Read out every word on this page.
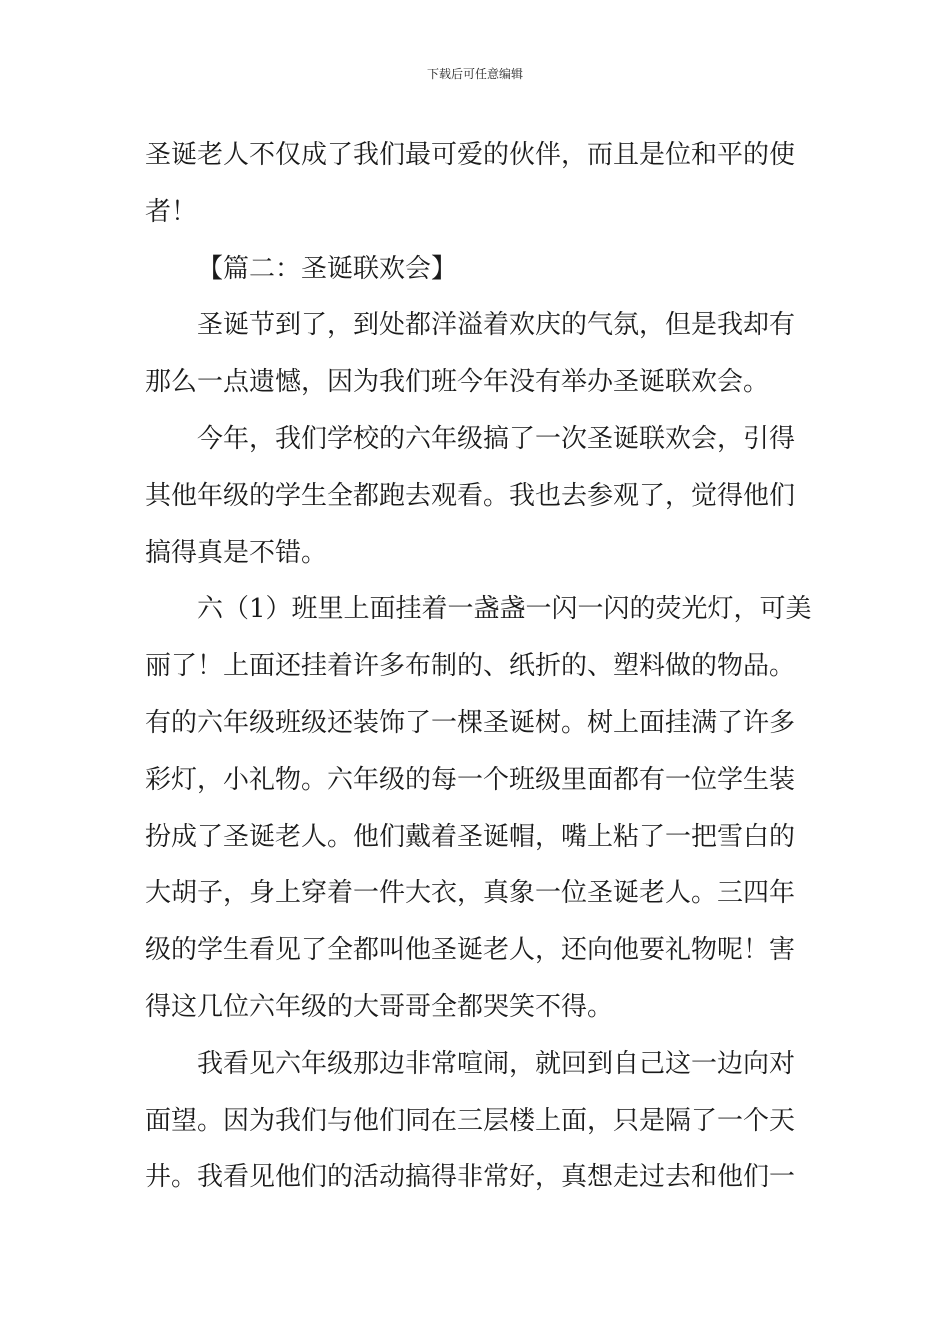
下载后可任意编辑
圣诞老人不仅成了我们最可爱的伙伴，而且是位和平的使
者！
【篇二：圣诞联欢会】
圣诞节到了，到处都洋溢着欢庆的气氛，但是我却有
那么一点遗憾，因为我们班今年没有举办圣诞联欢会。
今年，我们学校的六年级搞了一次圣诞联欢会，引得
其他年级的学生全都跑去观看。我也去参观了，觉得他们
搞得真是不错。
六（1）班里上面挂着一盏盏一闪一闪的荧光灯，可美
丽了！上面还挂着许多布制的、纸折的、塑料做的物品。
有的六年级班级还装饰了一棵圣诞树。树上面挂满了许多
彩灯，小礼物。六年级的每一个班级里面都有一位学生装
扮成了圣诞老人。他们戴着圣诞帽，嘴上粘了一把雪白的
大胡子，身上穿着一件大衣，真象一位圣诞老人。三四年
级的学生看见了全都叫他圣诞老人，还向他要礼物呢！害
得这几位六年级的大哥哥全都哭笑不得。
我看见六年级那边非常喧闹，就回到自己这一边向对
面望。因为我们与他们同在三层楼上面，只是隔了一个天
井。我看见他们的活动搞得非常好，真想走过去和他们一
